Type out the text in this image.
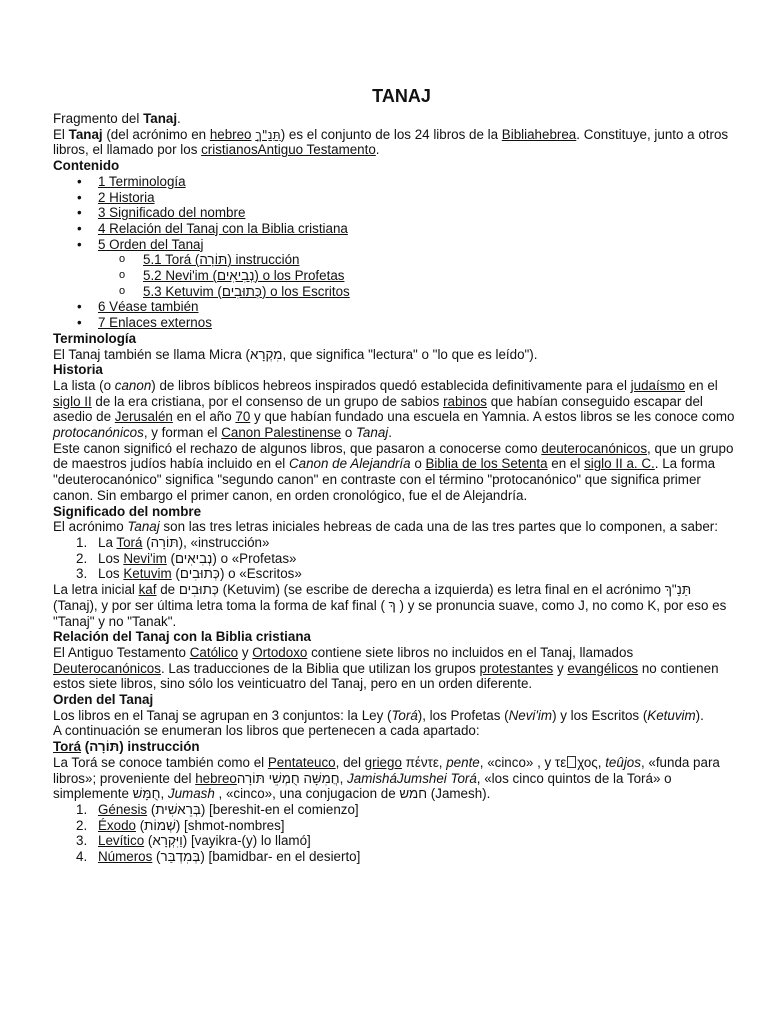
TANAJ

Fragmento del Tanaj.

El Tanaj (del acrónimo en hebreo תַּנַ"ךְ) es el conjunto de los 24 libros de la Bibliahebrea. Constituye, junto a otros libros, el llamado por los cristianosAntiguo Testamento.

Contenido

• 1 Terminología
• 2 Historia
• 3 Significado del nombre
• 4 Relación del Tanaj con la Biblia cristiana
• 5 Orden del Tanaj
o 5.1 Torá (תּוֹרָה) instrucción
o 5.2 Nevi'im (נְבִיאִים) o los Profetas
o 5.3 Ketuvim (כְּתוּבִים) o los Escritos
• 6 Véase también
• 7 Enlaces externos

Terminología

El Tanaj también se llama Micra (מִקְרָא, que significa "lectura" o "lo que es leído").

Historia

La lista (o canon) de libros bíblicos hebreos inspirados quedó establecida definitivamente para el judaísmo en el siglo II de la era cristiana, por el consenso de un grupo de sabios rabinos que habían conseguido escapar del asedio de Jerusalén en el año 70 y que habían fundado una escuela en Yamnia. A estos libros se les conoce como protocanónicos, y forman el Canon Palestinense o Tanaj.

Este canon significó el rechazo de algunos libros, que pasaron a conocerse como deuterocanónicos, que un grupo de maestros judíos había incluido en el Canon de Alejandría o Biblia de los Setenta en el siglo II a. C.. La forma "deuterocanónico" significa "segundo canon" en contraste con el término "protocanónico" que significa primer canon. Sin embargo el primer canon, en orden cronológico, fue el de Alejandría.

Significado del nombre

El acrónimo Tanaj son las tres letras iniciales hebreas de cada una de las tres partes que lo componen, a saber:

1. La Torá (תּוֹרָה), «instrucción»
2. Los Nevi'im (נְבִיאִים) o «Profetas»
3. Los Ketuvim (כְּתוּבִים) o «Escritos»

La letra inicial kaf de כְּתוּבִים (Ketuvim) (se escribe de derecha a izquierda) es letra final en el acrónimo תַּנַ"ךְ (Tanaj), y por ser última letra toma la forma de kaf final ( ךְ ) y se pronuncia suave, como J, no como K, por eso es "Tanaj" y no "Tanak".

Relación del Tanaj con la Biblia cristiana

El Antiguo Testamento Católico y Ortodoxo contiene siete libros no incluidos en el Tanaj, llamados Deuterocanónicos. Las traducciones de la Biblia que utilizan los grupos protestantes y evangélicos no contienen estos siete libros, sino sólo los veinticuatro del Tanaj, pero en un orden diferente.

Orden del Tanaj

Los libros en el Tanaj se agrupan en 3 conjuntos: la Ley (Torá), los Profetas (Nevi'im) y los Escritos (Ketuvim).

A continuación se enumeran los libros que pertenecen a cada apartado:

Torá (תּוֹרָה) instrucción

La Torá se conoce también como el Pentateuco, del griego πέντε, pente, «cinco» , y τε χος, teûjos, «funda para libros»; proveniente del hebreoחֲמִשָּׁה חֻמְשֵׁי תּוֹרָה, JamisháJumshei Torá, «los cinco quintos de la Torá» o simplemente חֻמָּשׁ, Jumash , «cinco», una conjugacion de חמש (Jamesh).

1. Génesis (בְּרֵאשִׁית) [bereshit-en el comienzo]
2. Éxodo (שְׁמוֹת) [shmot-nombres]
3. Levítico (וַיִּקְרָא) [vayikra-(y) lo llamó]
4. Números (בְּמִדְבַּר) [bamidbar- en el desierto]
